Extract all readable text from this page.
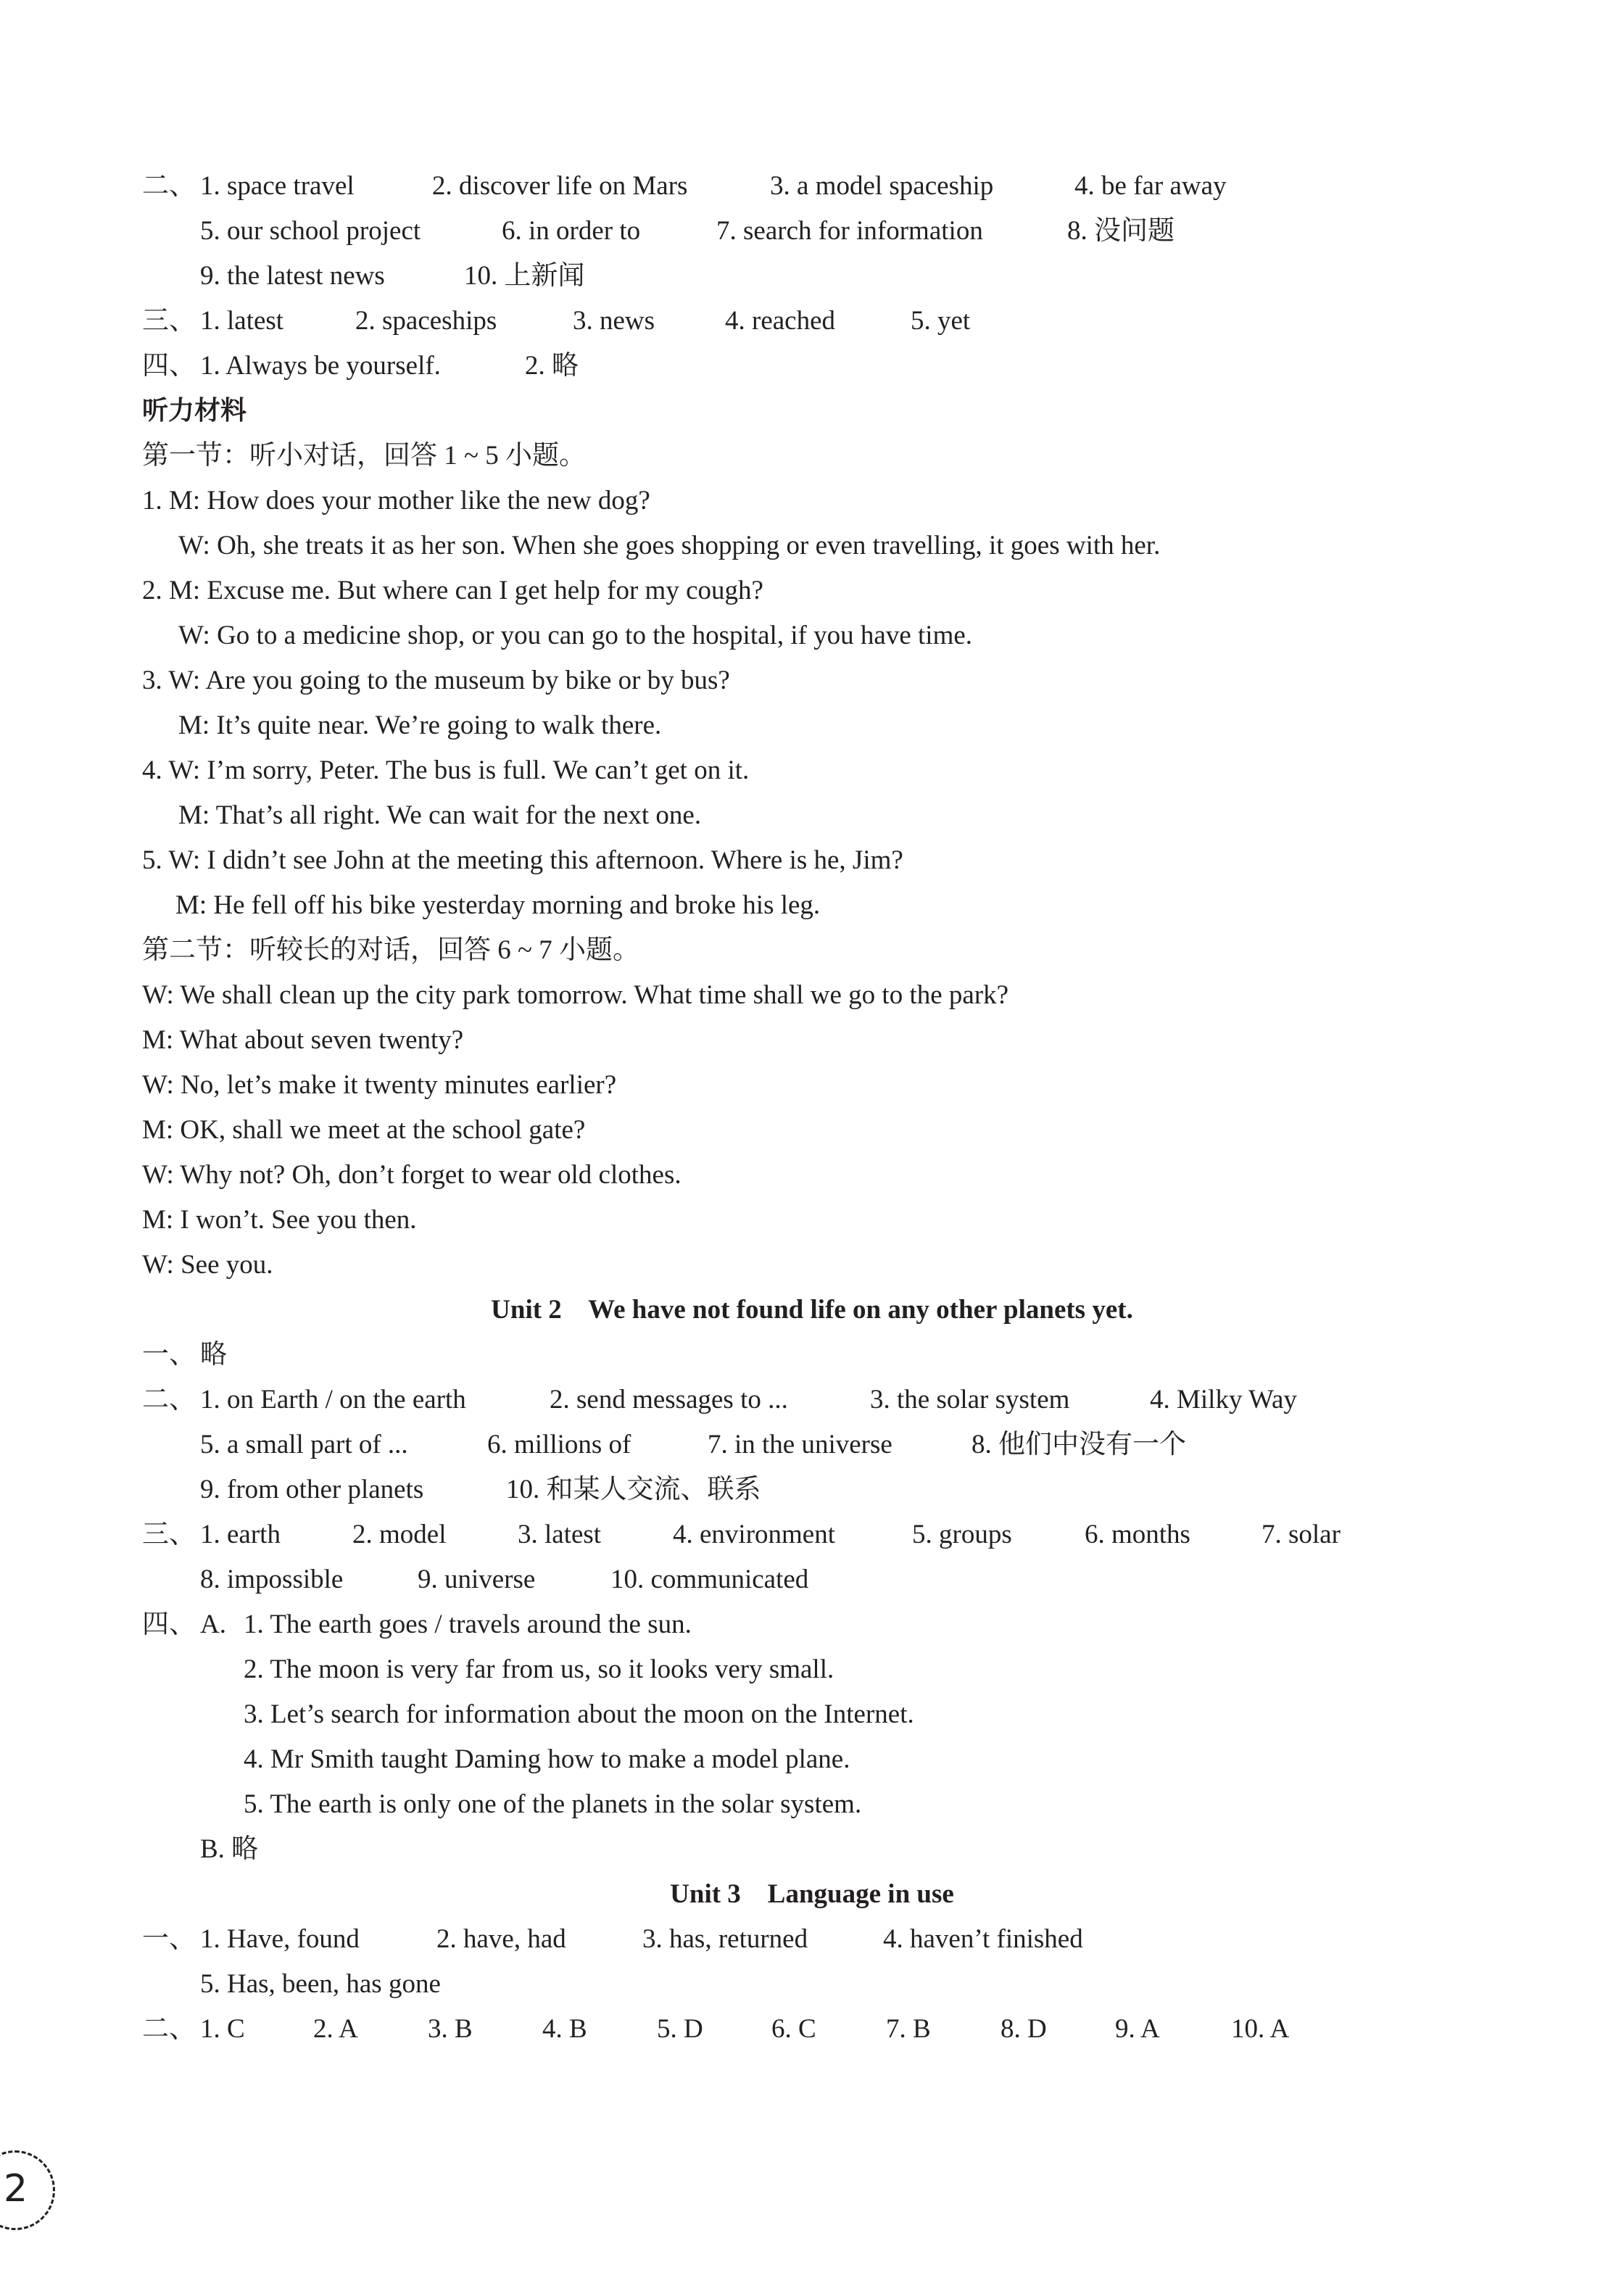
二、 1. space travel	2. discover life on Mars	3. a model spaceship	4. be far away
5. our school project	6. in order to	7. search for information	8. 没问题
9. the latest news	10. 上新闻
三、 1. latest	2. spaceships	3. news	4. reached	5. yet
四、 1. Always be yourself.	2. 略
听力材料
第一节：听小对话，回答 1 ~ 5 小题。
1. M: How does your mother like the new dog?
W: Oh, she treats it as her son. When she goes shopping or even travelling, it goes with her.
2. M: Excuse me. But where can I get help for my cough?
W: Go to a medicine shop, or you can go to the hospital, if you have time.
3. W: Are you going to the museum by bike or by bus?
M: It’s quite near. We’re going to walk there.
4. W: I’m sorry, Peter. The bus is full. We can’t get on it.
M: That’s all right. We can wait for the next one.
5. W: I didn’t see John at the meeting this afternoon. Where is he, Jim?
M: He fell off his bike yesterday morning and broke his leg.
第二节：听较长的对话，回答 6 ~ 7 小题。
W: We shall clean up the city park tomorrow. What time shall we go to the park?
M: What about seven twenty?
W: No, let’s make it twenty minutes earlier?
M: OK, shall we meet at the school gate?
W: Why not? Oh, don’t forget to wear old clothes.
M: I won’t. See you then.
W: See you.
Unit 2    We have not found life on any other planets yet.
一、 略
二、 1. on Earth / on the earth	2. send messages to ...	3. the solar system	4. Milky Way
5. a small part of ...	6. millions of	7. in the universe	8. 他们中没有一个
9. from other planets	10. 和某人交流、联系
三、 1. earth	2. model	3. latest	4. environment	5. groups	6. months	7. solar
8. impossible	9. universe	10. communicated
四、 A. 1. The earth goes / travels around the sun.
2. The moon is very far from us, so it looks very small.
3. Let’s search for information about the moon on the Internet.
4. Mr Smith taught Daming how to make a model plane.
5. The earth is only one of the planets in the solar system.
B. 略
Unit 3    Language in use
一、 1. Have, found	2. have, had	3. has, returned	4. haven’t finished
5. Has, been, has gone
二、 1. C	2. A	3. B	4. B	5. D	6. C	7. B	8. D	9. A	10. A
2
